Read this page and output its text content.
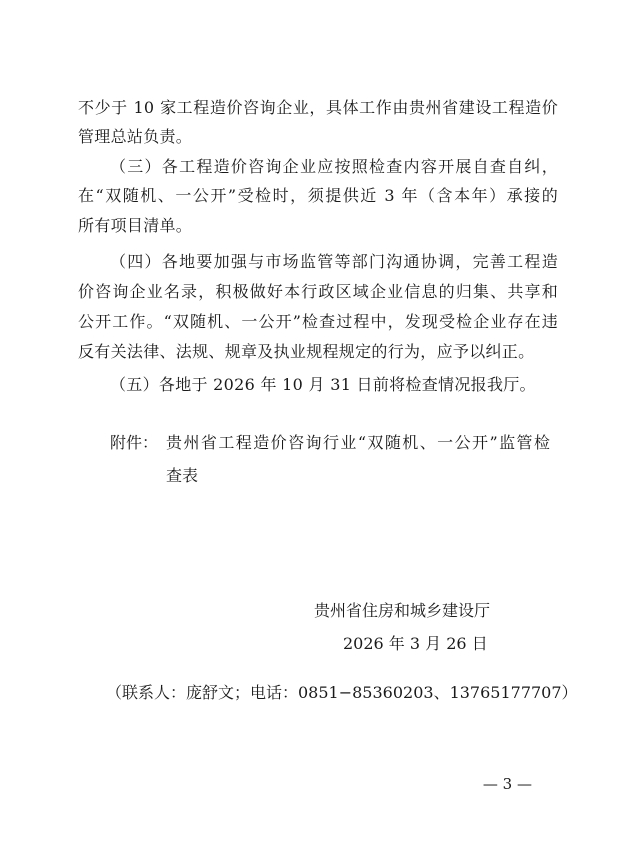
不少于 10 家工程造价咨询企业，具体工作由贵州省建设工程造价
管理总站负责。
（三）各工程造价咨询企业应按照检查内容开展自查自纠，
在“双随机、一公开”受检时，须提供近 3 年（含本年）承接的
所有项目清单。
（四）各地要加强与市场监管等部门沟通协调，完善工程造
价咨询企业名录，积极做好本行政区域企业信息的归集、共享和
公开工作。“双随机、一公开”检查过程中，发现受检企业存在违
反有关法律、法规、规章及执业规程规定的行为，应予以纠正。
（五）各地于 2026 年 10 月 31 日前将检查情况报我厅。
附件： 贵州省工程造价咨询行业“双随机、一公开”监管检
查表
贵州省住房和城乡建设厅
2026 年 3 月 26 日
（联系人：庞舒文；电话：0851−85360203、13765177707）
— 3 —
